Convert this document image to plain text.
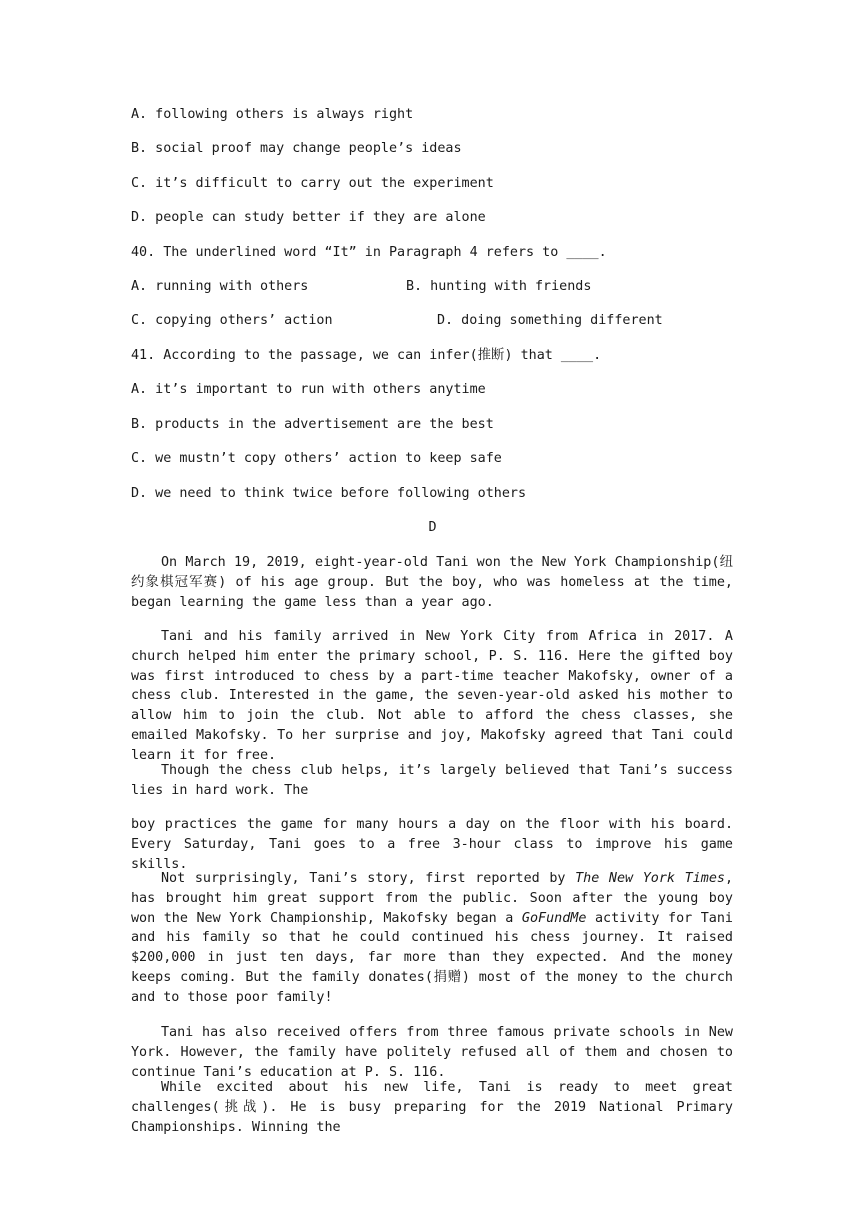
A. following others is always right
B. social proof may change people’s ideas
C. it’s difficult to carry out the experiment
D. people can study better if they are alone
40. The underlined word “It” in Paragraph 4 refers to ____.
A. running with others	B. hunting with friends
C. copying others’ action	D. doing something different
41. According to the passage, we can infer(推断) that ____.
A. it’s important to run with others anytime
B. products in the advertisement are the best
C. we mustn’t copy others’ action to keep safe
D. we need to think twice before following others
D
On March 19, 2019, eight-year-old Tani won the New York Championship(纽约象棋冠军赛) of his age group. But the boy, who was homeless at the time, began learning the game less than a year ago.
Tani and his family arrived in New York City from Africa in 2017. A church helped him enter the primary school, P. S. 116. Here the gifted boy was first introduced to chess by a part-time teacher Makofsky, owner of a chess club. Interested in the game, the seven-year-old asked his mother to allow him to join the club. Not able to afford the chess classes, she emailed Makofsky. To her surprise and joy, Makofsky agreed that Tani could learn it for free.
Though the chess club helps, it’s largely believed that Tani’s success lies in hard work. The
boy practices the game for many hours a day on the floor with his board. Every Saturday, Tani goes to a free 3-hour class to improve his game skills.
Not surprisingly, Tani’s story, first reported by The New York Times, has brought him great support from the public. Soon after the young boy won the New York Championship, Makofsky began a GoFundMe activity for Tani and his family so that he could continued his chess journey. It raised $200,000 in just ten days, far more than they expected. And the money keeps coming. But the family donates(捐赠) most of the money to the church and to those poor family!
Tani has also received offers from three famous private schools in New York. However, the family have politely refused all of them and chosen to continue Tani’s education at P. S. 116.
While excited about his new life, Tani is ready to meet great challenges(挑战). He is busy preparing for the 2019 National Primary Championships. Winning the
